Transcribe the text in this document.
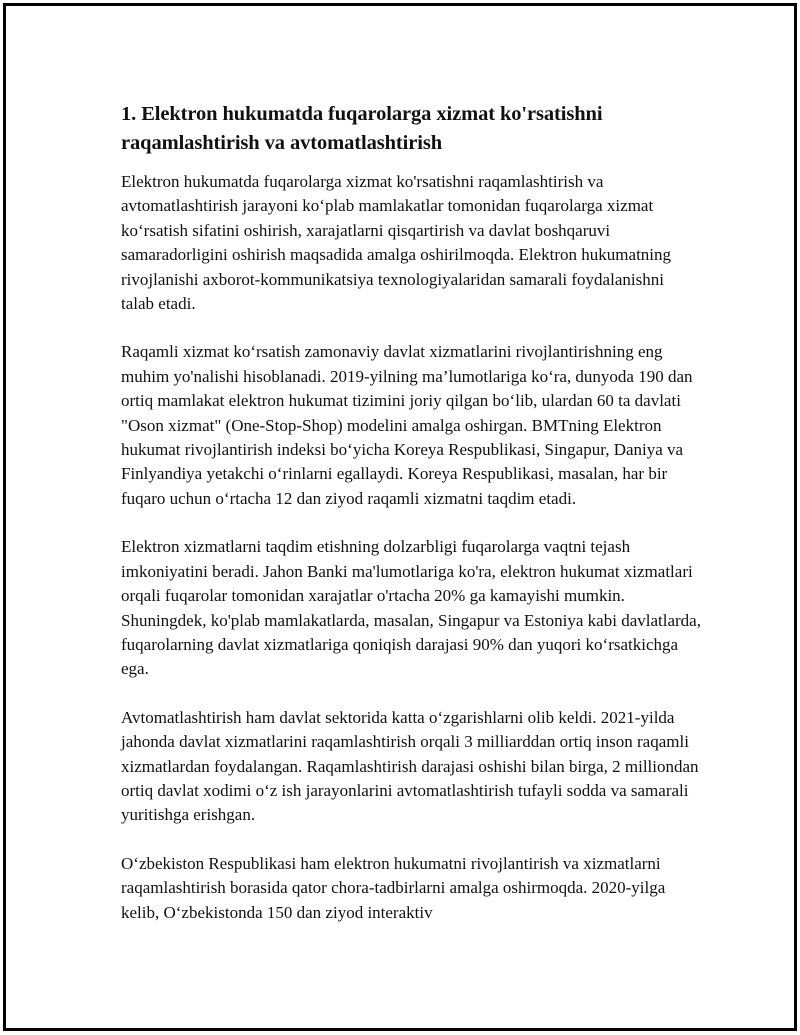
1. Elektron hukumatda fuqarolarga xizmat ko'rsatishni raqamlashtirish va avtomatlashtirish

Elektron hukumatda fuqarolarga xizmat ko'rsatishni raqamlashtirish va avtomatlashtirish jarayoni ko‘plab mamlakatlar tomonidan fuqarolarga xizmat ko‘rsatish sifatini oshirish, xarajatlarni qisqartirish va davlat boshqaruvi samaradorligini oshirish maqsadida amalga oshirilmoqda. Elektron hukumatning rivojlanishi axborot-kommunikatsiya texnologiyalaridan samarali foydalanishni talab etadi.

Raqamli xizmat ko‘rsatish zamonaviy davlat xizmatlarini rivojlantirishning eng muhim yo'nalishi hisoblanadi. 2019-yilning ma’lumotlariga ko‘ra, dunyoda 190 dan ortiq mamlakat elektron hukumat tizimini joriy qilgan bo‘lib, ulardan 60 ta davlati "Oson xizmat" (One-Stop-Shop) modelini amalga oshirgan. BMTning Elektron hukumat rivojlantirish indeksi bo‘yicha Koreya Respublikasi, Singapur, Daniya va Finlyandiya yetakchi o‘rinlarni egallaydi. Koreya Respublikasi, masalan, har bir fuqaro uchun o‘rtacha 12 dan ziyod raqamli xizmatni taqdim etadi.

Elektron xizmatlarni taqdim etishning dolzarbligi fuqarolarga vaqtni tejash imkoniyatini beradi. Jahon Banki ma'lumotlariga ko'ra, elektron hukumat xizmatlari orqali fuqarolar tomonidan xarajatlar o'rtacha 20% ga kamayishi mumkin. Shuningdek, ko'plab mamlakatlarda, masalan, Singapur va Estoniya kabi davlatlarda, fuqarolarning davlat xizmatlariga qoniqish darajasi 90% dan yuqori ko‘rsatkichga ega.

Avtomatlashtirish ham davlat sektorida katta o‘zgarishlarni olib keldi. 2021-yilda jahonda davlat xizmatlarini raqamlashtirish orqali 3 milliarddan ortiq inson raqamli xizmatlardan foydalangan. Raqamlashtirish darajasi oshishi bilan birga, 2 milliondan ortiq davlat xodimi o‘z ish jarayonlarini avtomatlashtirish tufayli sodda va samarali yuritishga erishgan.

O‘zbekiston Respublikasi ham elektron hukumatni rivojlantirish va xizmatlarni raqamlashtirish borasida qator chora-tadbirlarni amalga oshirmoqda. 2020-yilga kelib, O‘zbekistonda 150 dan ziyod interaktiv
